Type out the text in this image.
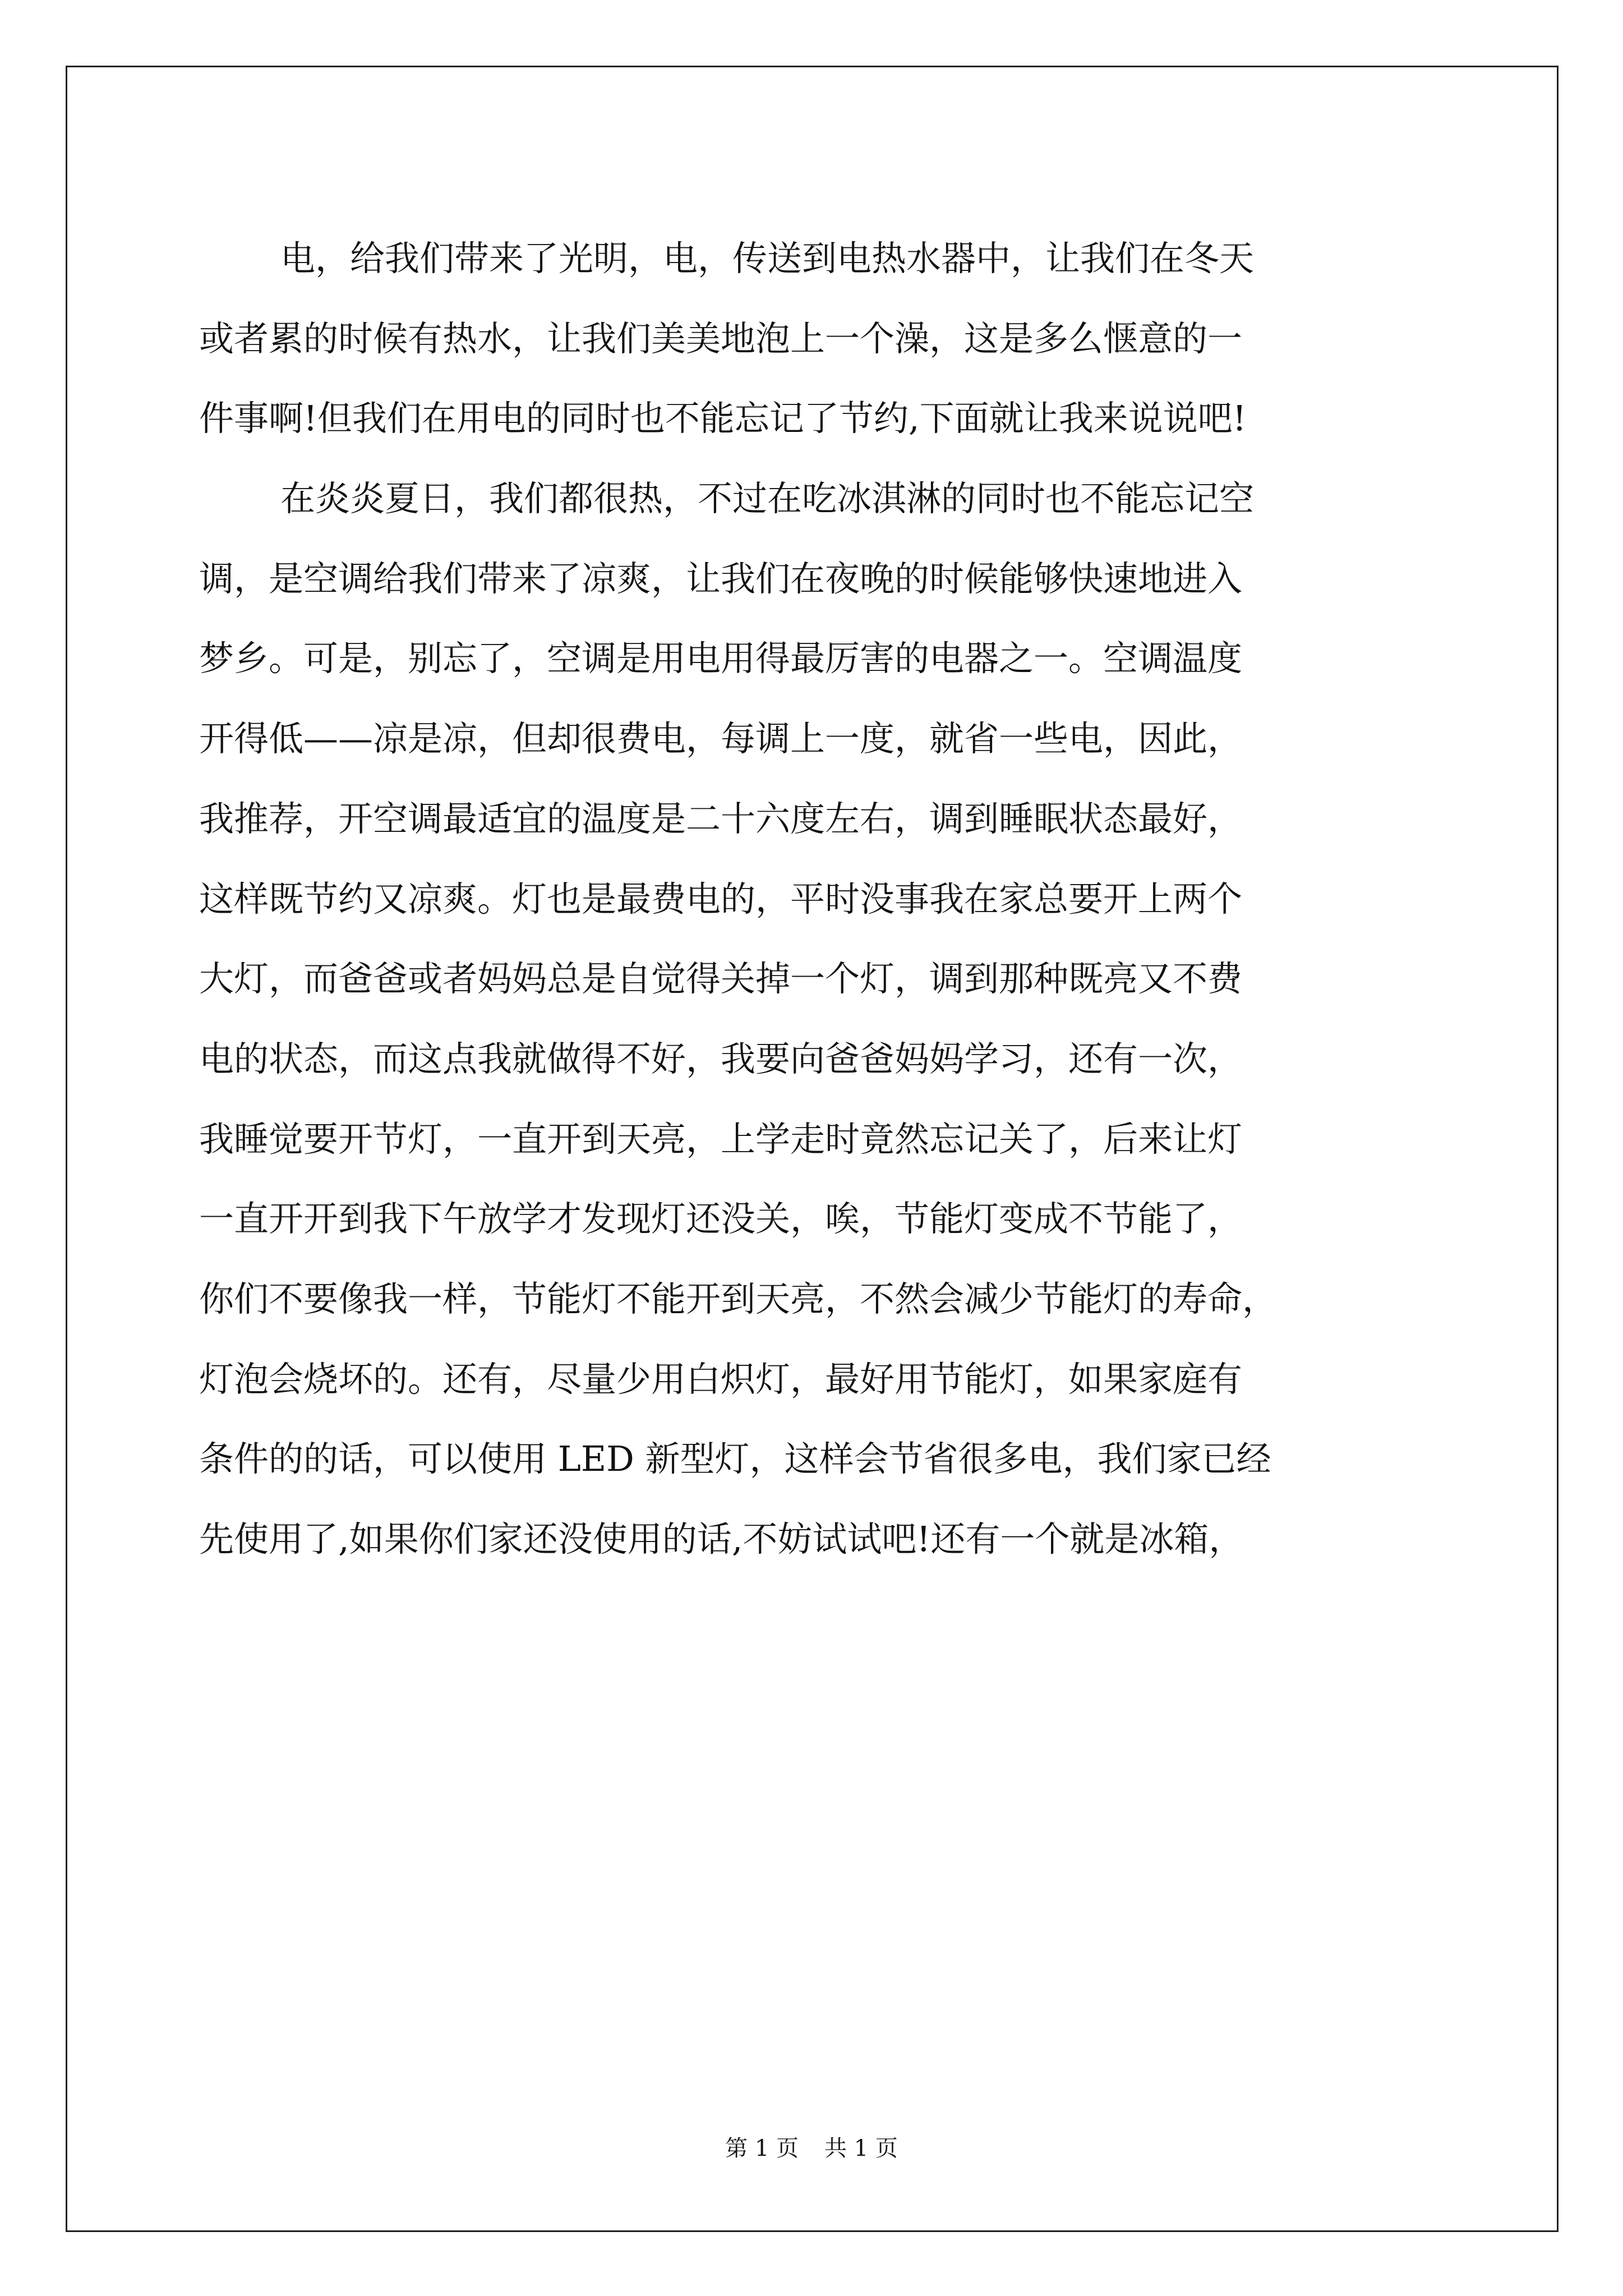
电，给我们带来了光明，电，传送到电热水器中，让我们在冬天
或者累的时候有热水，让我们美美地泡上一个澡，这是多么惬意的一
件事啊!但我们在用电的同时也不能忘记了节约,下面就让我来说说吧!
在炎炎夏日，我们都很热，不过在吃冰淇淋的同时也不能忘记空
调，是空调给我们带来了凉爽，让我们在夜晚的时候能够快速地进入
梦乡。可是，别忘了，空调是用电用得最厉害的电器之一。空调温度
开得低——凉是凉，但却很费电，每调上一度，就省一些电，因此，
我推荐，开空调最适宜的温度是二十六度左右，调到睡眠状态最好，
这样既节约又凉爽。灯也是最费电的，平时没事我在家总要开上两个
大灯，而爸爸或者妈妈总是自觉得关掉一个灯，调到那种既亮又不费
电的状态，而这点我就做得不好，我要向爸爸妈妈学习，还有一次，
我睡觉要开节灯，一直开到天亮，上学走时竟然忘记关了，后来让灯
一直开开到我下午放学才发现灯还没关，唉，节能灯变成不节能了，
你们不要像我一样，节能灯不能开到天亮，不然会减少节能灯的寿命，
灯泡会烧坏的。还有，尽量少用白炽灯，最好用节能灯，如果家庭有
条件的的话，可以使用 LED 新型灯，这样会节省很多电，我们家已经
先使用了,如果你们家还没使用的话,不妨试试吧!还有一个就是冰箱，
第 1 页 共 1 页
